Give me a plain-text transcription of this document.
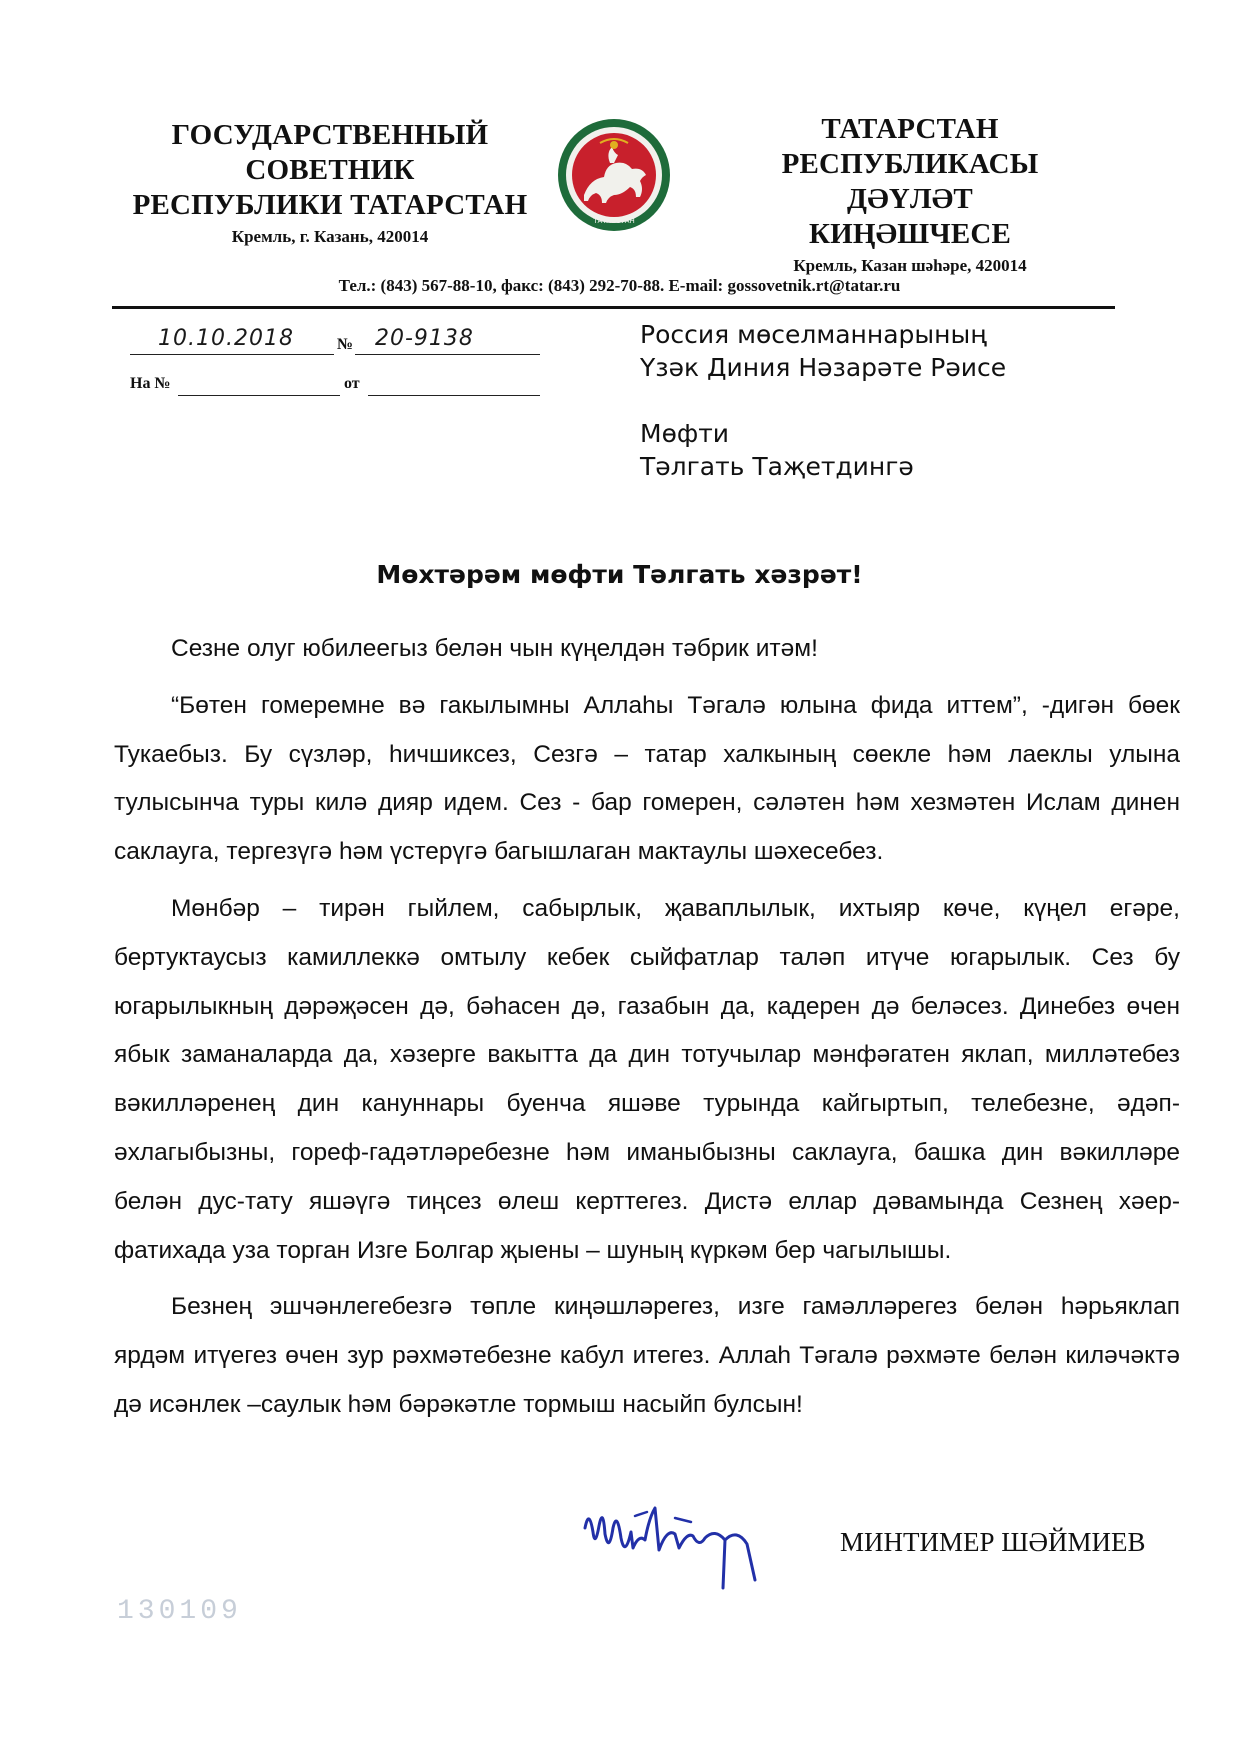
ГОСУДАРСТВЕННЫЙ
СОВЕТНИК
РЕСПУБЛИКИ ТАТАРСТАН
Кремль, г. Казань, 420014
ТАТАРСТАН
ТАТАРСТАН РЕСПУБЛИКАСЫ
ДӘҮЛӘТ
КИҢӘШЧЕСЕ
Кремль, Казан шәһәре, 420014
Тел.: (843) 567-88-10, факс: (843) 292-70-88. E-mail: gossovetnik.rt@tatar.ru
10.10.2018	№ 20-9138
На №	от
Россия мөселманнарының
Үзәк Диния Нәзарәте Рәисе
Мөфти
Тәлгать Таҗетдингә
Мөхтәрәм мөфти Тәлгать хәзрәт!

Сезне олуг юбилеегыз белән чын күңелдән тәбрик итәм!

“Бөтен гомеремне вә гакылымны Аллаһы Тәгалә юлына фида иттем”, -дигән бөек Тукаебыз. Бу сүзләр, һичшиксез, Сезгә – татар халкының сөекле һәм лаеклы улына тулысынча туры килә дияр идем. Сез - бар гомерен, сәләтен һәм хезмәтен Ислам динен саклауга, тергезүгә һәм үстерүгә багышлаган мактаулы шәхесебез.

Мөнбәр – тирән гыйлем, сабырлык, җаваплылык, ихтыяр көче, күңел егәре, бертуктаусыз камиллеккә омтылу кебек сыйфатлар таләп итүче югарылык. Сез бу югарылыкның дәрәҗәсен дә, бәһасен дә, газабын да, кадерен дә беләсез. Динебез өчен ябык заманаларда да, хәзерге вакытта да дин тотучылар мәнфәгатен яклап, милләтебез вәкилләренең дин кануннары буенча яшәве турында кайгыртып, телебезне, әдәп-әхлагыбызны, гореф-гадәтләребезне һәм иманыбызны саклауга, башка дин вәкилләре белән дус-тату яшәүгә тиңсез өлеш керттегез. Дистә еллар дәвамында Сезнең хәер-фатихада уза торган Изге Болгар җыены – шуның күркәм бер чагылышы.

Безнең эшчәнлегебезгә төпле киңәшләрегез, изге гамәлләрегез белән һәрьяклап ярдәм итүегез өчен зур рәхмәтебезне кабул итегез. Аллаһ Тәгалә рәхмәте белән киләчәктә дә исәнлек –саулык һәм бәрәкәтле тормыш насыйп булсын!

МИНТИМЕР ШӘЙМИЕВ
130109
